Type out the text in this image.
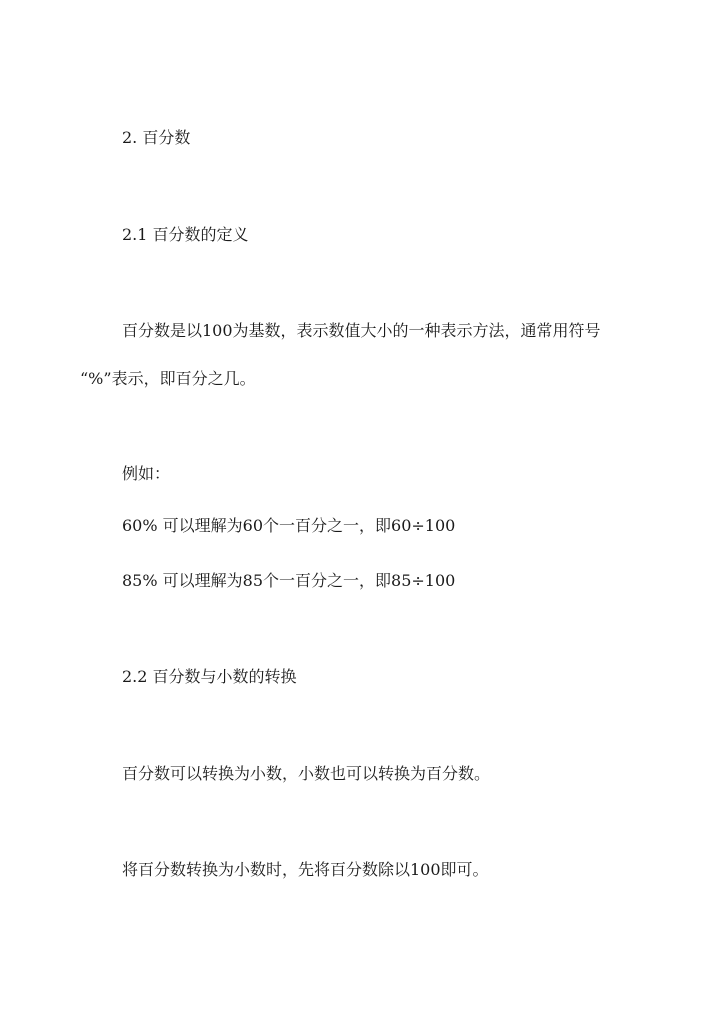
2. 百分数
2.1 百分数的定义

百分数是以100为基数，表示数值大小的一种表示方法，通常用符号

“%”表示，即百分之几。

例如：

60% 可以理解为60个一百分之一，即60÷100

85% 可以理解为85个一百分之一，即85÷100

2.2 百分数与小数的转换

百分数可以转换为小数，小数也可以转换为百分数。

将百分数转换为小数时，先将百分数除以100即可。
